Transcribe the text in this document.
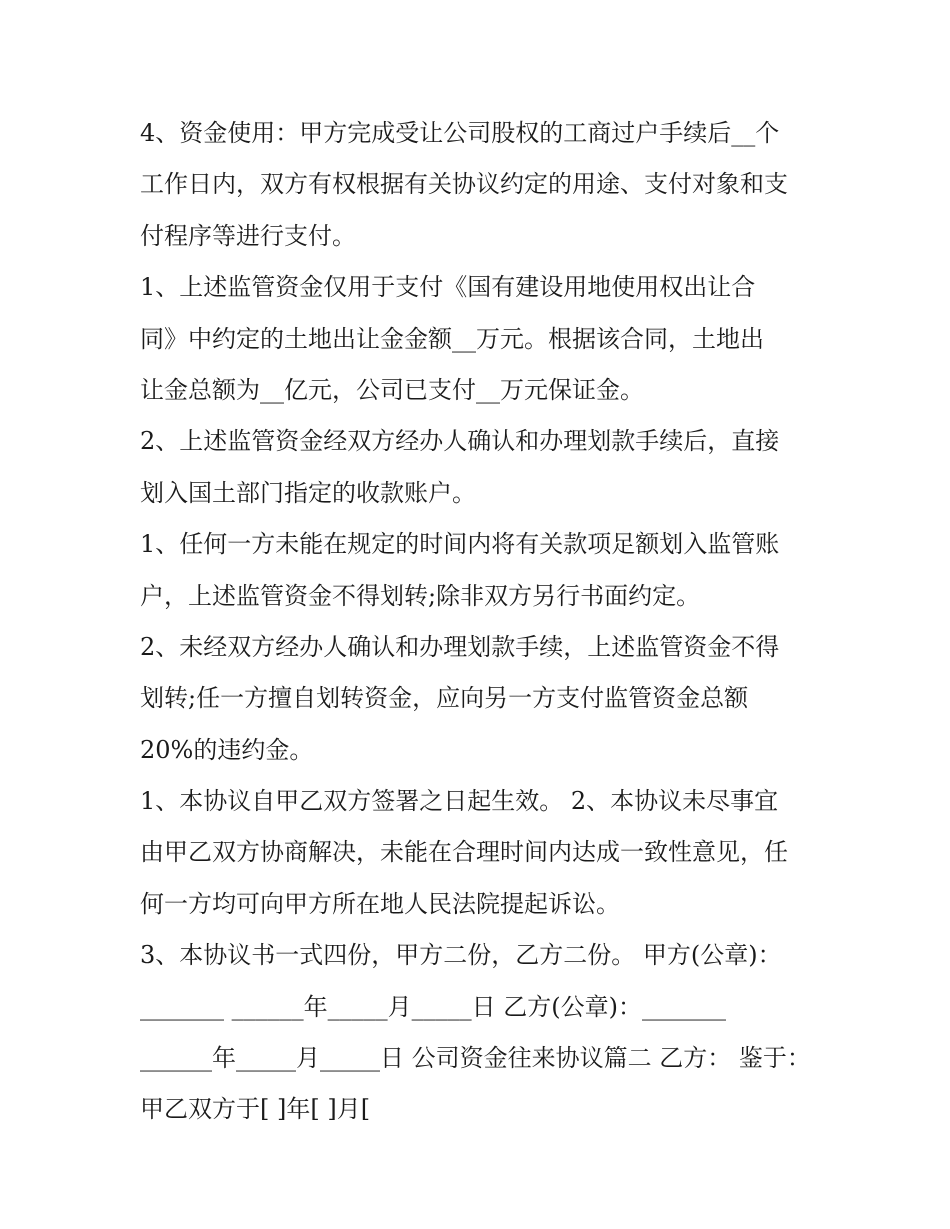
4、资金使用：甲方完成受让公司股权的工商过户手续后__个
工作日内，双方有权根据有关协议约定的用途、支付对象和支
付程序等进行支付。
1、上述监管资金仅用于支付《国有建设用地使用权出让合
同》中约定的土地出让金金额__万元。根据该合同，土地出
让金总额为__亿元，公司已支付__万元保证金。
2、上述监管资金经双方经办人确认和办理划款手续后，直接
划入国土部门指定的收款账户。
1、任何一方未能在规定的时间内将有关款项足额划入监管账
户，上述监管资金不得划转;除非双方另行书面约定。
2、未经双方经办人确认和办理划款手续，上述监管资金不得
划转;任一方擅自划转资金，应向另一方支付监管资金总额
20%的违约金。
1、本协议自甲乙双方签署之日起生效。 2、本协议未尽事宜
由甲乙双方协商解决，未能在合理时间内达成一致性意见，任
何一方均可向甲方所在地人民法院提起诉讼。
3、本协议书一式四份，甲方二份，乙方二份。 甲方(公章)：
_______ ______年_____月_____日 乙方(公章)：_______
______年_____月_____日 公司资金往来协议篇二 乙方： 鉴于：
甲乙双方于[ ]年[ ]月[
